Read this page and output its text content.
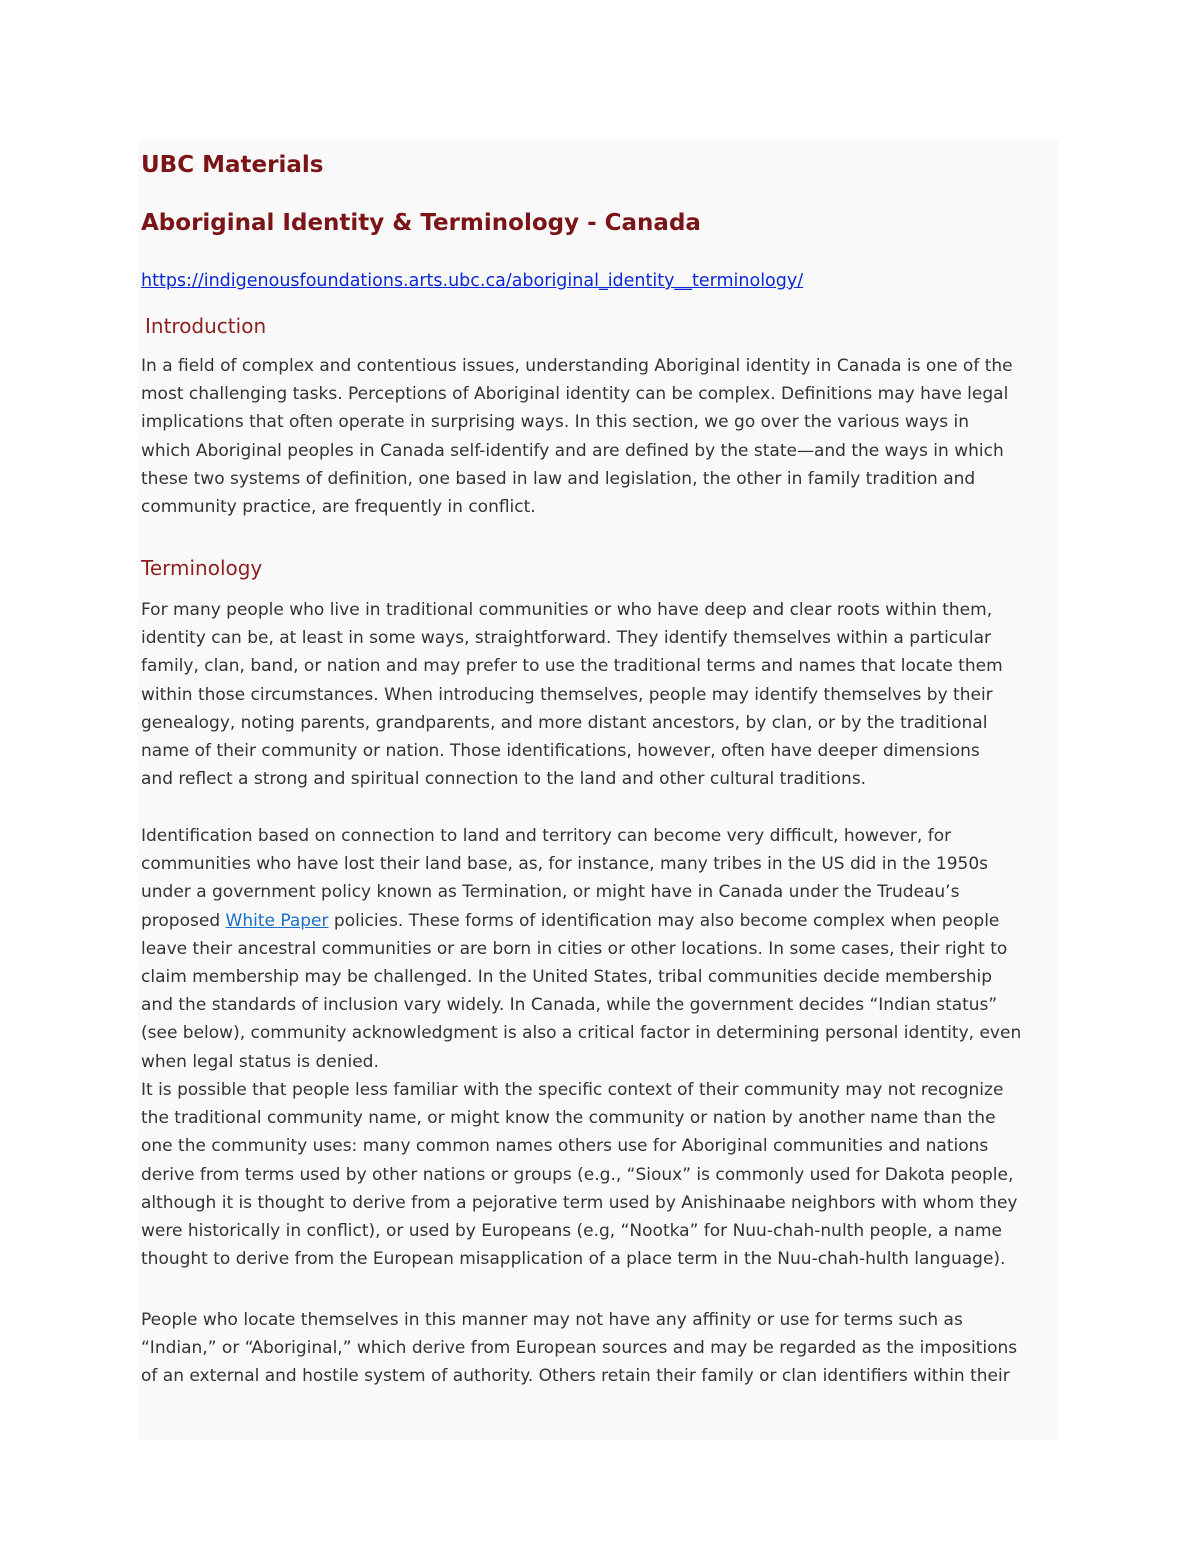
UBC Materials
Aboriginal Identity & Terminology - Canada
https://indigenousfoundations.arts.ubc.ca/aboriginal_identity__terminology/
Introduction

In a field of complex and contentious issues, understanding Aboriginal identity in Canada is one of the
most challenging tasks. Perceptions of Aboriginal identity can be complex. Definitions may have legal
implications that often operate in surprising ways. In this section, we go over the various ways in
which Aboriginal peoples in Canada self-identify and are defined by the state—and the ways in which
these two systems of definition, one based in law and legislation, the other in family tradition and
community practice, are frequently in conflict.

Terminology

For many people who live in traditional communities or who have deep and clear roots within them,
identity can be, at least in some ways, straightforward. They identify themselves within a particular
family, clan, band, or nation and may prefer to use the traditional terms and names that locate them
within those circumstances. When introducing themselves, people may identify themselves by their
genealogy, noting parents, grandparents, and more distant ancestors, by clan, or by the traditional
name of their community or nation. Those identifications, however, often have deeper dimensions
and reflect a strong and spiritual connection to the land and other cultural traditions.

Identification based on connection to land and territory can become very difficult, however, for
communities who have lost their land base, as, for instance, many tribes in the US did in the 1950s
under a government policy known as Termination, or might have in Canada under the Trudeau’s
proposed White Paper policies. These forms of identification may also become complex when people
leave their ancestral communities or are born in cities or other locations. In some cases, their right to
claim membership may be challenged. In the United States, tribal communities decide membership
and the standards of inclusion vary widely. In Canada, while the government decides “Indian status”
(see below), community acknowledgment is also a critical factor in determining personal identity, even
when legal status is denied.

It is possible that people less familiar with the specific context of their community may not recognize
the traditional community name, or might know the community or nation by another name than the
one the community uses: many common names others use for Aboriginal communities and nations
derive from terms used by other nations or groups (e.g., “Sioux” is commonly used for Dakota people,
although it is thought to derive from a pejorative term used by Anishinaabe neighbors with whom they
were historically in conflict), or used by Europeans (e.g, “Nootka” for Nuu-chah-nulth people, a name
thought to derive from the European misapplication of a place term in the Nuu-chah-hulth language).

People who locate themselves in this manner may not have any affinity or use for terms such as
“Indian,” or “Aboriginal,” which derive from European sources and may be regarded as the impositions
of an external and hostile system of authority. Others retain their family or clan identifiers within their
